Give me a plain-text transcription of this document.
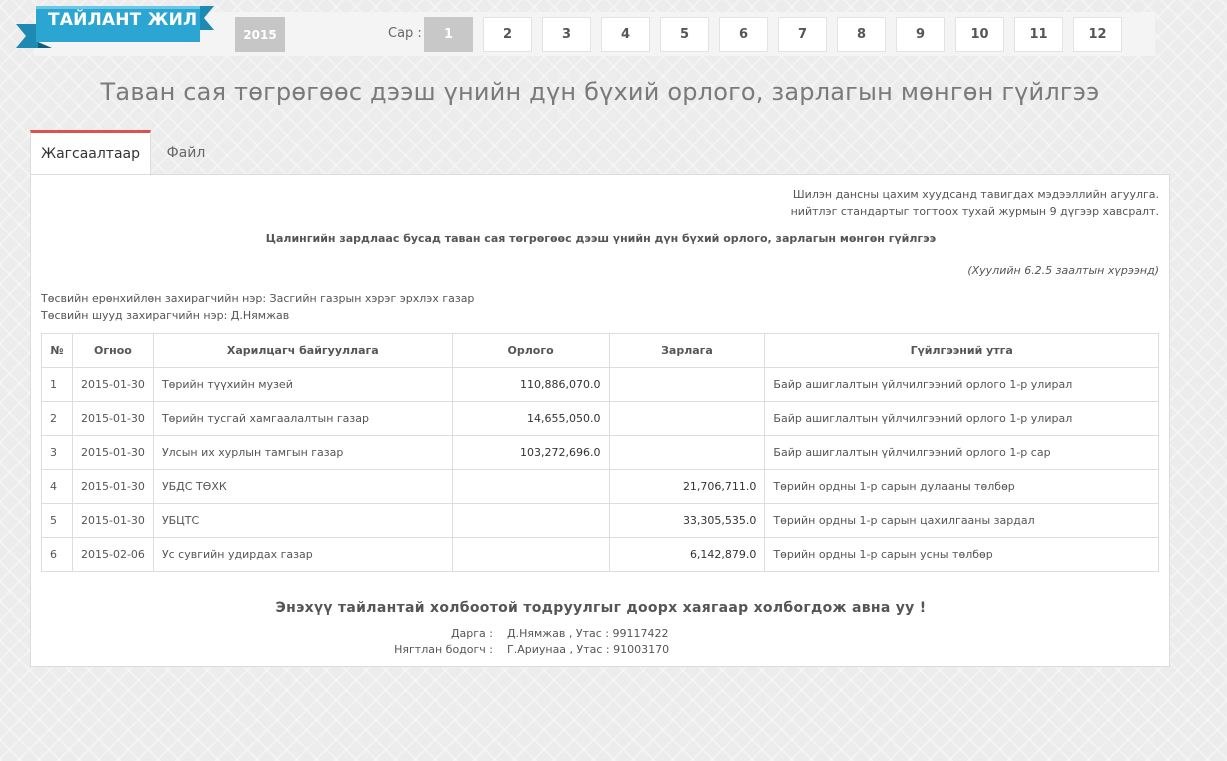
ТАЙЛАНТ ЖИЛ
2015	Сар :	1	2	3	4	5	6	7	8	9	10	11	12
Таван сая төгрөгөөс дээш үнийн дүн бүхий орлого, зарлагын мөнгөн гүйлгээ
Жагсаалтаар	Файл
Шилэн дансны цахим хуудсанд тавигдах мэдээллийн агуулга.
нийтлэг стандартыг тогтоох тухай журмын 9 дүгээр хавсралт.
Цалингийн зардлаас бусад таван сая төгрөгөөс дээш үнийн дүн бүхий орлого, зарлагын мөнгөн гүйлгээ
(Хуулийн 6.2.5 заалтын хүрээнд)
Төсвийн ерөнхийлөн захирагчийн нэр: Засгийн газрын хэрэг эрхлэх газар
Төсвийн шууд захирагчийн нэр: Д.Нямжав
№	Огноо	Харилцагч байгууллага	Орлого	Зарлага	Гүйлгээний утга
1	2015-01-30	Төрийн түүхийн музей	110,886,070.0		Байр ашиглалтын үйлчилгээний орлого 1-р улирал
2	2015-01-30	Төрийн тусгай хамгаалалтын газар	14,655,050.0		Байр ашиглалтын үйлчилгээний орлого 1-р улирал
3	2015-01-30	Улсын их хурлын тамгын газар	103,272,696.0		Байр ашиглалтын үйлчилгээний орлого 1-р сар
4	2015-01-30	УБДС ТӨХК		21,706,711.0	Төрийн ордны 1-р сарын дулааны төлбөр
5	2015-01-30	УБЦТС		33,305,535.0	Төрийн ордны 1-р сарын цахилгааны зардал
6	2015-02-06	Ус сувгийн удирдах газар		6,142,879.0	Төрийн ордны 1-р сарын усны төлбөр
Энэхүү тайлантай холбоотой тодруулгыг доорх хаягаар холбогдож авна уу !
Дарга : Д.Нямжав , Утас : 99117422
Нягтлан бодогч : Г.Ариунаа , Утас : 91003170
